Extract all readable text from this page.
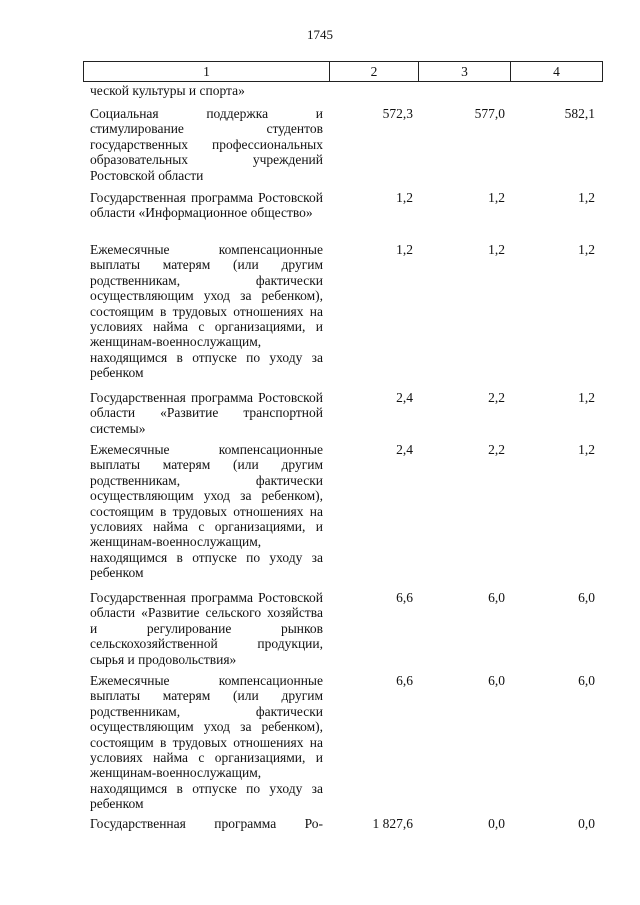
1745
1	2	3	4
ческой культуры и спорта»
Социальная поддержка и стимулирование студентов государственных профессиональных образовательных учреждений Ростовской области
572,3	577,0	582,1
Государственная программа Ростовской области «Информационное общество»
1,2	1,2	1,2
Ежемесячные компенсационные выплаты матерям (или другим родственникам, фактически осуществляющим уход за ребенком), состоящим в трудовых отношениях на условиях найма с организациями, и женщинам-военнослужащим, находящимся в отпуске по уходу за ребенком
1,2	1,2	1,2
Государственная программа Ростовской области «Развитие транспортной системы»
2,4	2,2	1,2
Ежемесячные компенсационные выплаты матерям (или другим родственникам, фактически осуществляющим уход за ребенком), состоящим в трудовых отношениях на условиях найма с организациями, и женщинам-военнослужащим, находящимся в отпуске по уходу за ребенком
2,4	2,2	1,2
Государственная программа Ростовской области «Развитие сельского хозяйства и регулирование рынков сельскохозяйственной продукции, сырья и продовольствия»
6,6	6,0	6,0
Ежемесячные компенсационные выплаты матерям (или другим родственникам, фактически осуществляющим уход за ребенком), состоящим в трудовых отношениях на условиях найма с организациями, и женщинам-военнослужащим, находящимся в отпуске по уходу за ребенком
6,6	6,0	6,0
Государственная программа Ро-	1 827,6	0,0	0,0
